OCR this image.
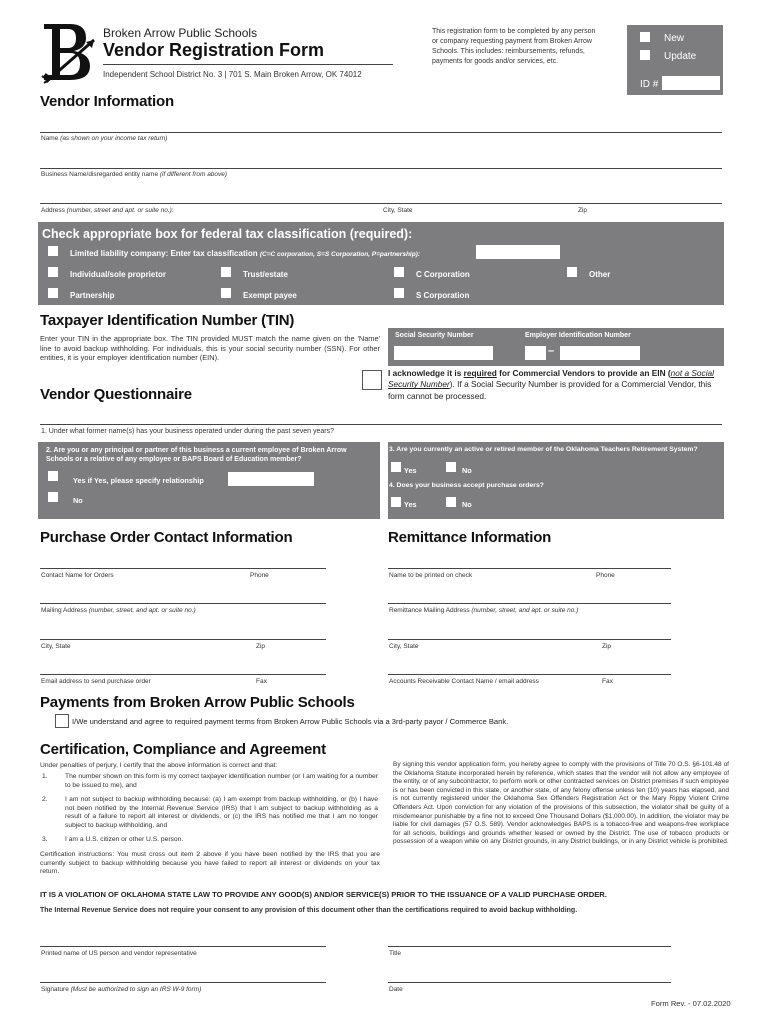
Broken Arrow Public Schools
Vendor Registration Form
Independent School District No. 3 | 701 S. Main Broken Arrow, OK 74012
This registration form to be completed by any person or company requesting payment from Broken Arrow Schools. This includes: reimbursements, refunds, payments for goods and/or services, etc.
New
Update
ID #
Vendor Information
Name (as shown on your income tax return)
Business Name/disregarded entity name (if different from above)
Address (number, street and apt. or suite no.):	City, State	Zip
Check appropriate box for federal tax classification (required):
Limited liability company: Enter tax classification (C=C corporation, S=S Corporation, P=partnership):
Individual/sole proprietor	Trust/estate	C Corporation	Other
Partnership	Exempt payee	S Corporation
Taxpayer Identification Number (TIN)
Enter your TIN in the appropriate box. The TIN provided MUST match the name given on the 'Name' line to avoid backup withholding. For individuals, this is your social security number (SSN). For other entities, it is your employer identification number (EIN).
Social Security Number	Employer Identification Number
–
I acknowledge it is required for Commercial Vendors to provide an EIN (not a Social Security Number). If a Social Security Number is provided for a Commercial Vendor, this form cannot be processed.
Vendor Questionnaire
1. Under what former name(s) has your business operated under during the past seven years?
2. Are you or any principal or partner of this business a current employee of Broken Arrow Schools or a relative of any employee or BAPS Board of Education member?
Yes if Yes, please specify relationship
No
3. Are you currently an active or retired member of the Oklahoma Teachers Retirement System?
Yes	No
4. Does your business accept purchase orders?
Yes	No
Purchase Order Contact Information
Contact Name for Orders	Phone
Mailing Address (number, street, and apt. or suite no.)
City, State	Zip
Email address to send purchase order	Fax
Remittance Information
Name to be printed on check	Phone
Remittance Mailing Address (number, street, and apt. or suite no.)
City, State	Zip
Accounts Receivable Contact Name / email address	Fax
Payments from Broken Arrow Public Schools
I/We understand and agree to required payment terms from Broken Arrow Public Schools via a 3rd-party payor / Commerce Bank.
Certification, Compliance and Agreement
Under penalties of perjury, I certify that the above information is correct and that:
1.	The number shown on this form is my correct taxpayer identification number (or I am waiting for a number to be issued to me), and
2.	I am not subject to backup withholding because: (a) I am exempt from backup withholding, or (b) I have not been notified by the Internal Revenue Service (IRS) that I am subject to backup withholding as a result of a failure to report all interest or dividends, or (c) the IRS has notified me that I am no longer subject to backup withholding, and
3.	I am a U.S. citizen or other U.S. person.
Certification instructions: You must cross out item 2 above if you have been notified by the IRS that you are currently subject to backup withholding because you have failed to report all interest or dividends on your tax return.
By signing this vendor application form, you hereby agree to comply with the provisions of Title 70 O.S. §6-101.48 of the Oklahoma Statute incorporated herein by reference, which states that the vendor will not allow any employee of the entity, or of any subcontractor, to perform work or other contracted services on District premises if such employee is or has been convicted in this state, or another state, of any felony offense unless ten (10) years has elapsed, and is not currently registered under the Oklahoma Sex Offenders Registration Act or the Mary Rippy Violent Crime Offenders Act. Upon conviction for any violation of the provisions of this subsection, the violator shall be guilty of a misdemeanor punishable by a fine not to exceed One Thousand Dollars ($1,000.00). In addition, the violator may be liable for civil damages (57 O.S. 589). Vendor acknowledges BAPS is a tobacco-free and weapons-free workplace for all schools, buildings and grounds whether leased or owned by the District. The use of tobacco products or possession of a weapon while on any District grounds, in any District buildings, or in any District vehicle is prohibited.
IT IS A VIOLATION OF OKLAHOMA STATE LAW TO PROVIDE ANY GOOD(S) AND/OR SERVICE(S) PRIOR TO THE ISSUANCE OF A VALID PURCHASE ORDER.
The Internal Revenue Service does not require your consent to any provision of this document other than the certifications required to avoid backup withholding.
Printed name of US person and vendor representative	Title
Signature (Must be authorized to sign an IRS W-9 form)	Date
Form Rev. - 07.02.2020
